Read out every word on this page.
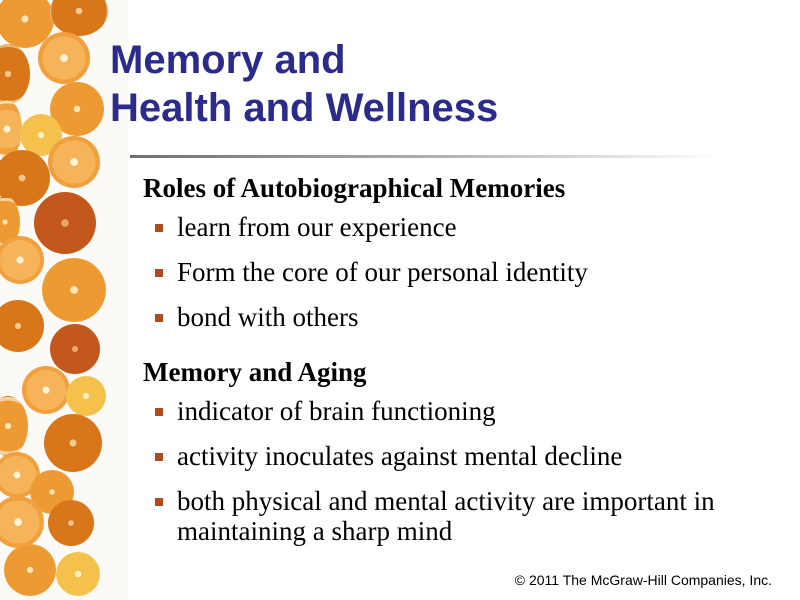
Memory and
Health and Wellness
Roles of Autobiographical Memories
learn from our experience
Form the core of our personal identity
bond with others
Memory and Aging
indicator of brain functioning
activity inoculates against mental decline
both physical and mental activity are important in maintaining a sharp mind
© 2011 The McGraw-Hill Companies, Inc.
